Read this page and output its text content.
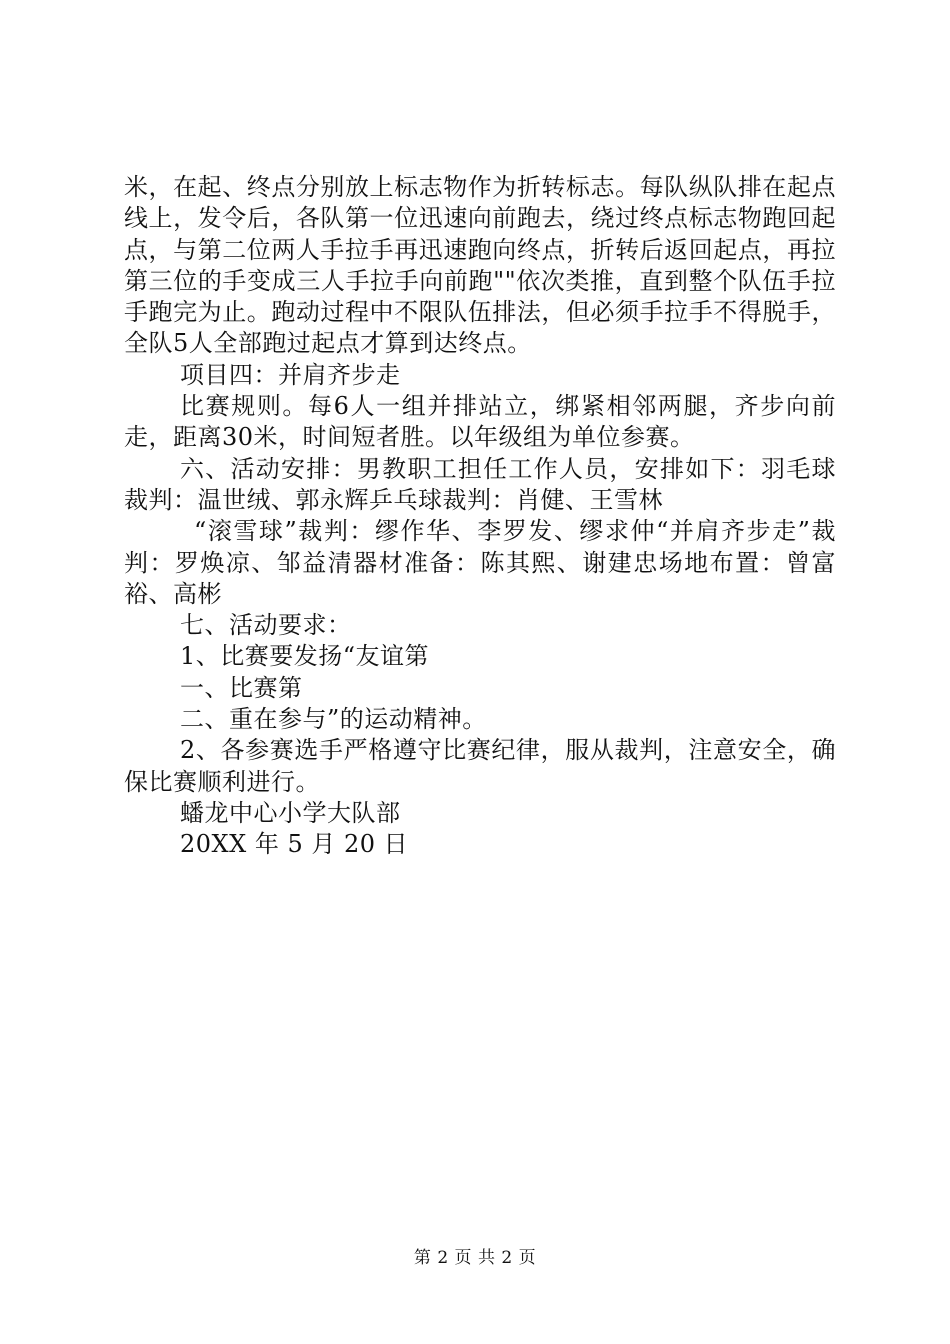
米，在起、终点分别放上标志物作为折转标志。每队纵队排在起点线上，发令后，各队第一位迅速向前跑去，绕过终点标志物跑回起点，与第二位两人手拉手再迅速跑向终点，折转后返回起点，再拉第三位的手变成三人手拉手向前跑""依次类推，直到整个队伍手拉手跑完为止。跑动过程中不限队伍排法，但必须手拉手不得脱手，全队5人全部跑过起点才算到达终点。

项目四：并肩齐步走

比赛规则。每6人一组并排站立，绑紧相邻两腿，齐步向前走，距离30米，时间短者胜。以年级组为单位参赛。

六、活动安排：男教职工担任工作人员，安排如下：羽毛球裁判：温世绒、郭永辉乒乓球裁判：肖健、王雪林

“滚雪球”裁判：缪作华、李罗发、缪求仲“并肩齐步走”裁判：罗焕凉、邹益清器材准备：陈其熙、谢建忠场地布置：曾富裕、高彬

七、活动要求：

1、比赛要发扬“友谊第

一、比赛第

二、重在参与”的运动精神。

2、各参赛选手严格遵守比赛纪律，服从裁判，注意安全，确保比赛顺利进行。

蟠龙中心小学大队部

20XX 年 5 月 20 日

第 2 页 共 2 页
